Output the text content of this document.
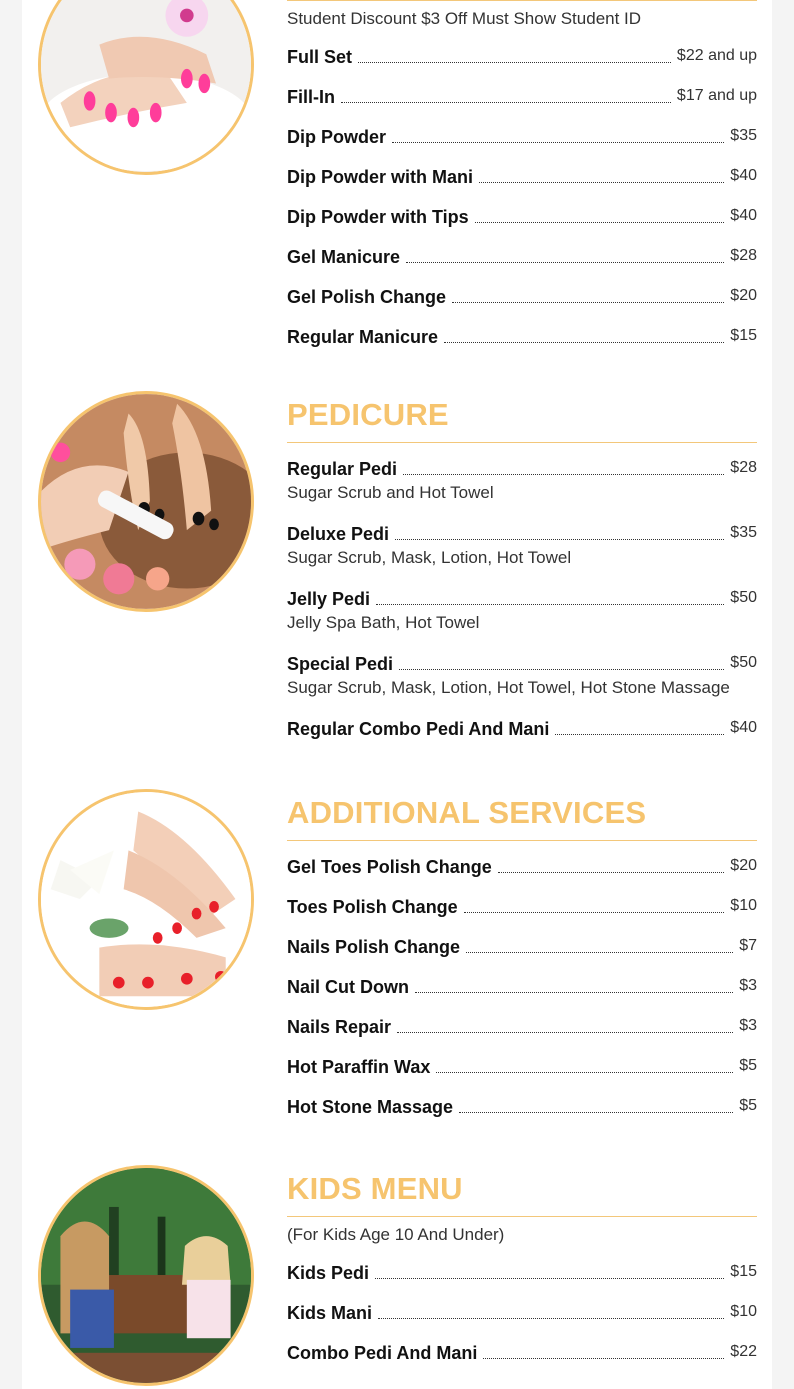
Student Discount $3 Off Must Show Student ID
Full Set	$22 and up
Fill-In	$17 and up
Dip Powder	$35
Dip Powder with Mani	$40
Dip Powder with Tips	$40
Gel Manicure	$28
Gel Polish Change	$20
Regular Manicure	$15
PEDICURE
Regular Pedi	$28
Sugar Scrub and Hot Towel
Deluxe Pedi	$35
Sugar Scrub, Mask, Lotion, Hot Towel
Jelly Pedi	$50
Jelly Spa Bath, Hot Towel
Special Pedi	$50
Sugar Scrub, Mask, Lotion, Hot Towel, Hot Stone Massage
Regular Combo Pedi And Mani	$40
ADDITIONAL SERVICES
Gel Toes Polish Change	$20
Toes Polish Change	$10
Nails Polish Change	$7
Nail Cut Down	$3
Nails Repair	$3
Hot Paraffin Wax	$5
Hot Stone Massage	$5
KIDS MENU
(For Kids Age 10 And Under)
Kids Pedi	$15
Kids Mani	$10
Combo Pedi And Mani	$22
